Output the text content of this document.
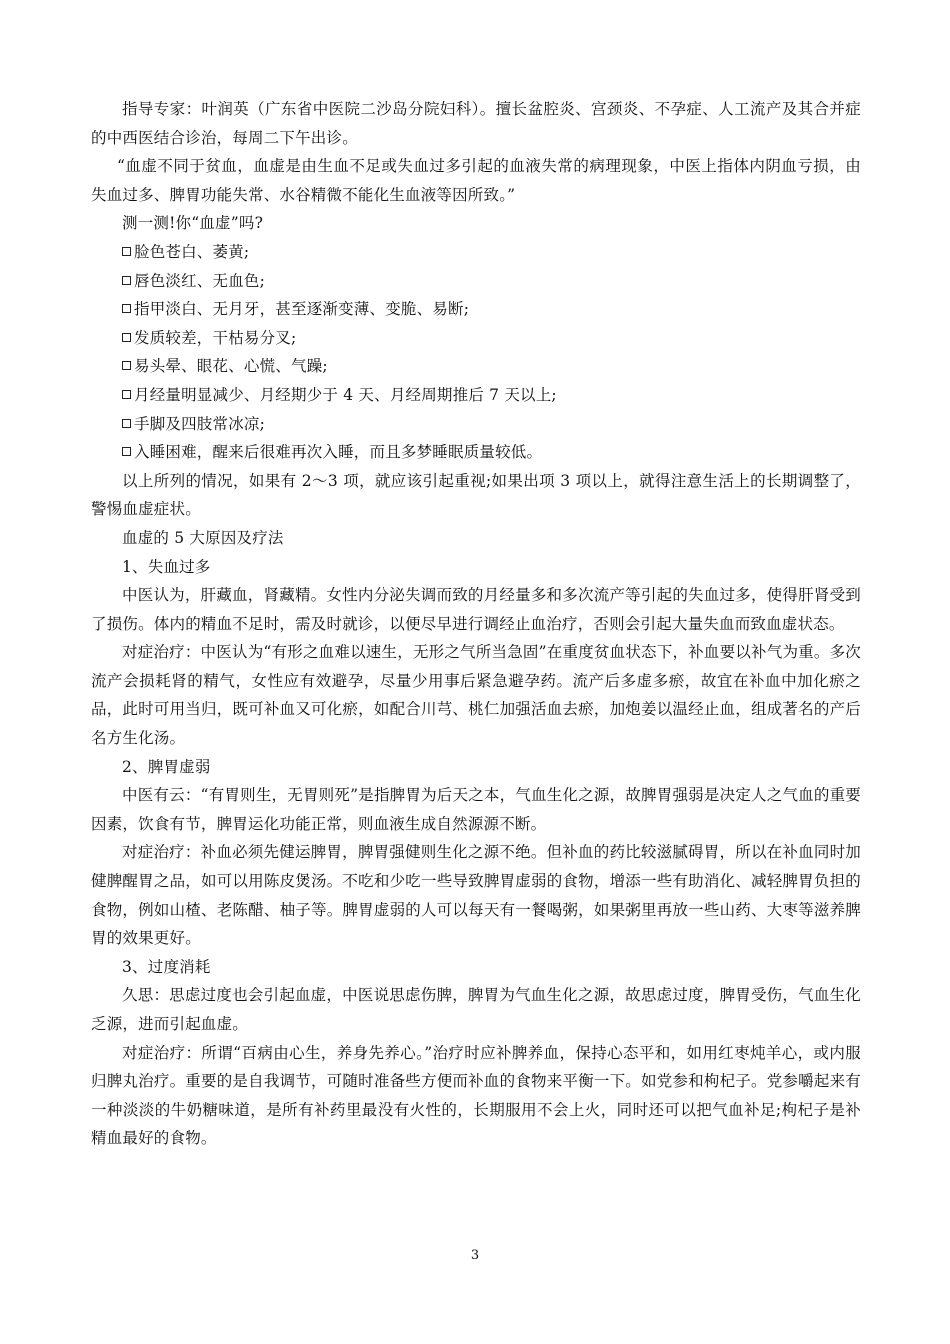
指导专家：叶润英（广东省中医院二沙岛分院妇科）。擅长盆腔炎、宫颈炎、不孕症、人工流产及其合并症的中西医结合诊治，每周二下午出诊。

“血虚不同于贫血，血虚是由生血不足或失血过多引起的血液失常的病理现象，中医上指体内阴血亏损，由失血过多、脾胃功能失常、水谷精微不能化生血液等因所致。”

测一测!你“血虚”吗?

脸色苍白、萎黄;

唇色淡红、无血色;

指甲淡白、无月牙，甚至逐渐变薄、变脆、易断;

发质较差，干枯易分叉;

易头晕、眼花、心慌、气躁;

月经量明显减少、月经期少于 4 天、月经周期推后 7 天以上;

手脚及四肢常冰凉;

入睡困难，醒来后很难再次入睡，而且多梦睡眠质量较低。

以上所列的情况，如果有 2～3 项，就应该引起重视;如果出项 3 项以上，就得注意生活上的长期调整了，警惕血虚症状。

血虚的 5 大原因及疗法

1、失血过多

中医认为，肝藏血，肾藏精。女性内分泌失调而致的月经量多和多次流产等引起的失血过多，使得肝肾受到了损伤。体内的精血不足时，需及时就诊，以便尽早进行调经止血治疗，否则会引起大量失血而致血虚状态。

对症治疗：中医认为“有形之血难以速生，无形之气所当急固”在重度贫血状态下，补血要以补气为重。多次流产会损耗肾的精气，女性应有效避孕，尽量少用事后紧急避孕药。流产后多虚多瘀，故宜在补血中加化瘀之品，此时可用当归，既可补血又可化瘀，如配合川芎、桃仁加强活血去瘀，加炮姜以温经止血，组成著名的产后名方生化汤。

2、脾胃虚弱

中医有云：“有胃则生，无胃则死”是指脾胃为后天之本，气血生化之源，故脾胃强弱是决定人之气血的重要因素，饮食有节，脾胃运化功能正常，则血液生成自然源源不断。

对症治疗：补血必须先健运脾胃，脾胃强健则生化之源不绝。但补血的药比较滋腻碍胃，所以在补血同时加健脾醒胃之品，如可以用陈皮煲汤。不吃和少吃一些导致脾胃虚弱的食物，增添一些有助消化、减轻脾胃负担的食物，例如山楂、老陈醋、柚子等。脾胃虚弱的人可以每天有一餐喝粥，如果粥里再放一些山药、大枣等滋养脾胃的效果更好。

3、过度消耗

久思：思虑过度也会引起血虚，中医说思虑伤脾，脾胃为气血生化之源，故思虑过度，脾胃受伤，气血生化乏源，进而引起血虚。

对症治疗：所谓“百病由心生，养身先养心。”治疗时应补脾养血，保持心态平和，如用红枣炖羊心，或内服归脾丸治疗。重要的是自我调节，可随时准备些方便而补血的食物来平衡一下。如党参和枸杞子。党参嚼起来有一种淡淡的牛奶糖味道，是所有补药里最没有火性的，长期服用不会上火，同时还可以把气血补足;枸杞子是补精血最好的食物。

3
